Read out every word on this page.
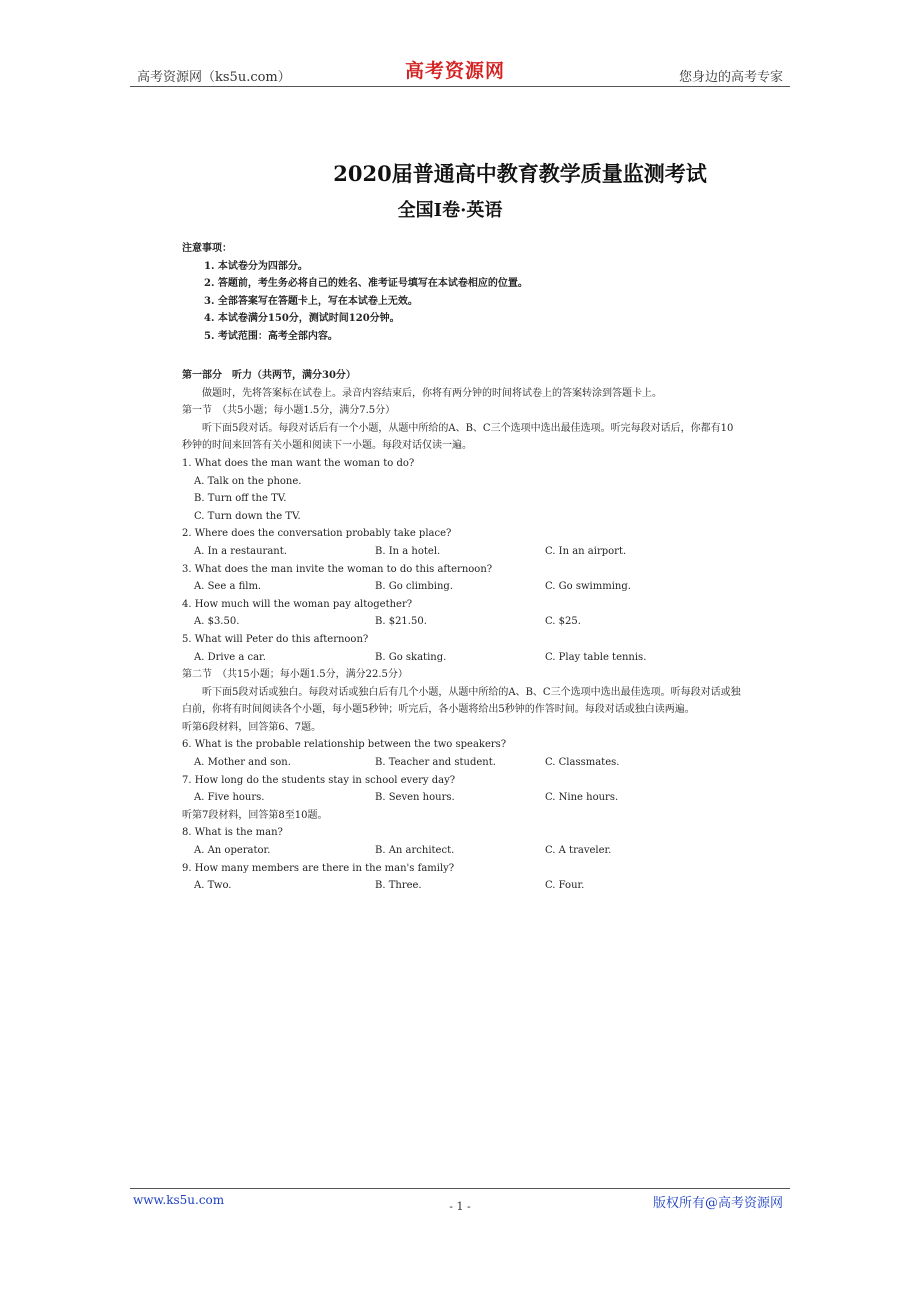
高考资源网（ks5u.com）	高考资源网	您身边的高考专家
2020届普通高中教育教学质量监测考试
全国Ⅰ卷·英语
注意事项：
1. 本试卷分为四部分。
2. 答题前，考生务必将自己的姓名、准考证号填写在本试卷相应的位置。
3. 全部答案写在答题卡上，写在本试卷上无效。
4. 本试卷满分150分，测试时间120分钟。
5. 考试范围：高考全部内容。
第一部分　听力（共两节，满分30分）
做题时，先将答案标在试卷上。录音内容结束后，你将有两分钟的时间将试卷上的答案转涂到答题卡上。
第一节　（共5小题；每小题1.5分，满分7.5分）
听下面5段对话。每段对话后有一个小题，从题中所给的A、B、C三个选项中选出最佳选项。听完每段对话后，你都有10秒钟的时间来回答有关小题和阅读下一小题。每段对话仅读一遍。
1. What does the man want the woman to do?
A. Talk on the phone.
B. Turn off the TV.
C. Turn down the TV.
2. Where does the conversation probably take place?
A. In a restaurant.	B. In a hotel.	C. In an airport.
3. What does the man invite the woman to do this afternoon?
A. See a film.	B. Go climbing.	C. Go swimming.
4. How much will the woman pay altogether?
A. $3.50.	B. $21.50.	C. $25.
5. What will Peter do this afternoon?
A. Drive a car.	B. Go skating.	C. Play table tennis.
第二节　（共15小题；每小题1.5分，满分22.5分）
听下面5段对话或独白。每段对话或独白后有几个小题，从题中所给的A、B、C三个选项中选出最佳选项。听每段对话或独白前，你将有时间阅读各个小题，每小题5秒钟；听完后，各小题将给出5秒钟的作答时间。每段对话或独白读两遍。
听第6段材料，回答第6、7题。
6. What is the probable relationship between the two speakers?
A. Mother and son.	B. Teacher and student.	C. Classmates.
7. How long do the students stay in school every day?
A. Five hours.	B. Seven hours.	C. Nine hours.
听第7段材料，回答第8至10题。
8. What is the man?
A. An operator.	B. An architect.	C. A traveler.
9. How many members are there in the man's family?
A. Two.	B. Three.	C. Four.
www.ks5u.com	- 1 -	版权所有@高考资源网
